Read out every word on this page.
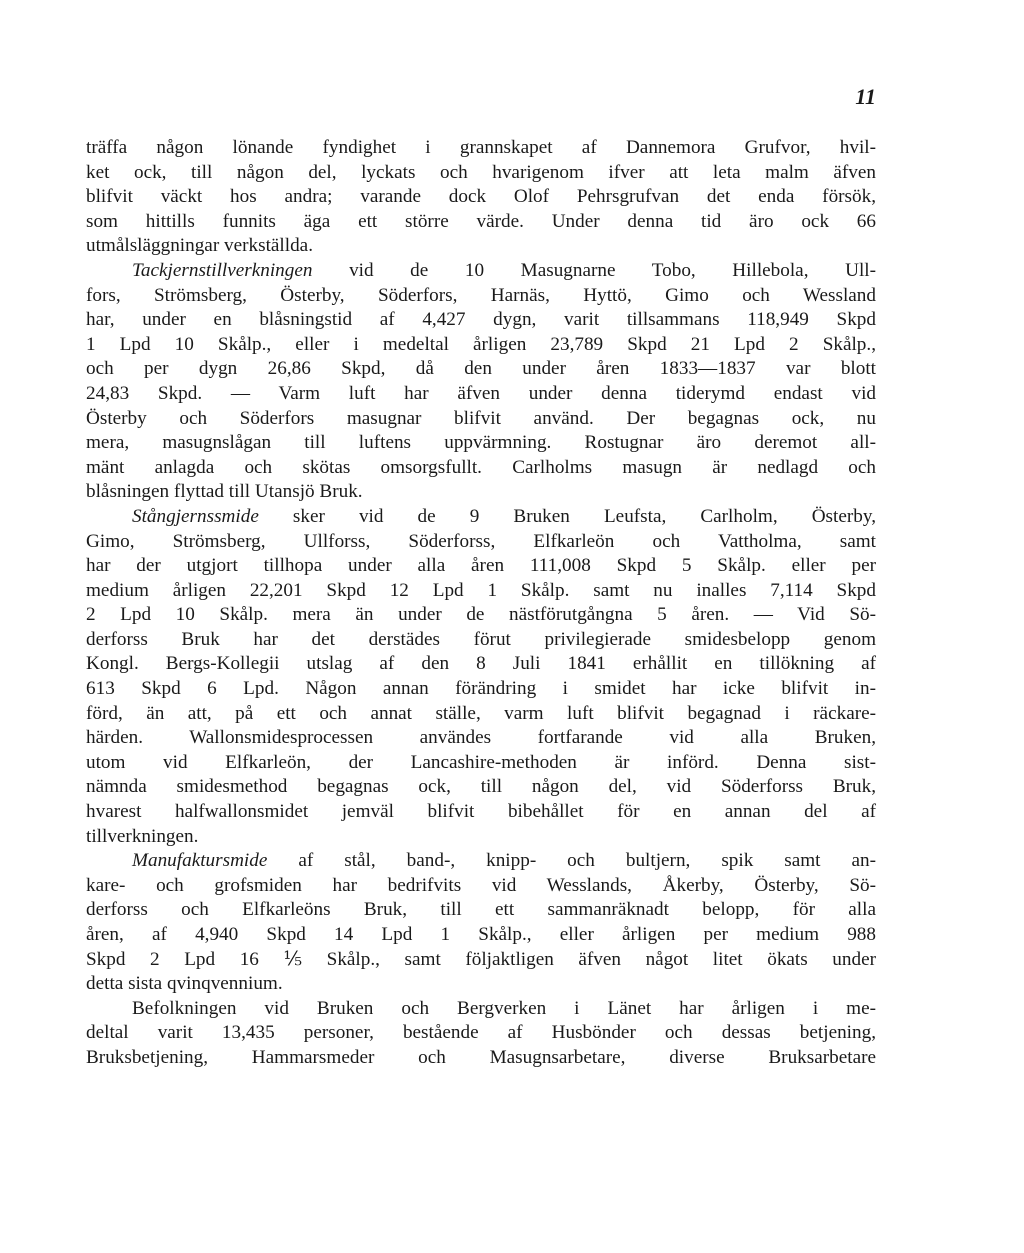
11
träffa någon lönande fyndighet i grannskapet af Dannemora Grufvor, hvil-
ket ock, till någon del, lyckats och hvarigenom ifver att leta malm äfven
blifvit väckt hos andra; varande dock Olof Pehrsgrufvan det enda försök,
som hittills funnits äga ett större värde. Under denna tid äro ock 66
utmålsläggningar verkställda.
Tackjernstillverkningen vid de 10 Masugnarne Tobo, Hillebola, Ull-
fors, Strömsberg, Österby, Söderfors, Harnäs, Hyttö, Gimo och Wessland
har, under en blåsningstid af 4,427 dygn, varit tillsammans 118,949 Skpd
1 Lpd 10 Skålp., eller i medeltal årligen 23,789 Skpd 21 Lpd 2 Skålp.,
och per dygn 26,86 Skpd, då den under åren 1833—1837 var blott
24,83 Skpd. — Varm luft har äfven under denna tiderymd endast vid
Österby och Söderfors masugnar blifvit använd. Der begagnas ock, nu
mera, masugnslågan till luftens uppvärmning. Rostugnar äro deremot all-
mänt anlagda och skötas omsorgsfullt. Carlholms masugn är nedlagd och
blåsningen flyttad till Utansjö Bruk.
Stångjernssmide sker vid de 9 Bruken Leufsta, Carlholm, Österby,
Gimo, Strömsberg, Ullforss, Söderforss, Elfkarleön och Vattholma, samt
har der utgjort tillhopa under alla åren 111,008 Skpd 5 Skålp. eller per
medium årligen 22,201 Skpd 12 Lpd 1 Skålp. samt nu inalles 7,114 Skpd
2 Lpd 10 Skålp. mera än under de nästförutgångna 5 åren. — Vid Sö-
derforss Bruk har det derstädes förut privilegierade smidesbelopp genom
Kongl. Bergs-Kollegii utslag af den 8 Juli 1841 erhållit en tillökning af
613 Skpd 6 Lpd. Någon annan förändring i smidet har icke blifvit in-
förd, än att, på ett och annat ställe, varm luft blifvit begagnad i räckare-
härden. Wallonsmidesprocessen användes fortfarande vid alla Bruken,
utom vid Elfkarleön, der Lancashire-methoden är införd. Denna sist-
nämnda smidesmethod begagnas ock, till någon del, vid Söderforss Bruk,
hvarest halfwallonsmidet jemväl blifvit bibehållet för en annan del af
tillverkningen.
Manufaktursmide af stål, band-, knipp- och bultjern, spik samt an-
kare- och grofsmiden har bedrifvits vid Wesslands, Åkerby, Österby, Sö-
derforss och Elfkarleöns Bruk, till ett sammanräknadt belopp, för alla
åren, af 4,940 Skpd 14 Lpd 1 Skålp., eller årligen per medium 988
Skpd 2 Lpd 16 ⅕ Skålp., samt följaktligen äfven något litet ökats under
detta sista qvinqvennium.
Befolkningen vid Bruken och Bergverken i Länet har årligen i me-
deltal varit 13,435 personer, bestående af Husbönder och dessas betjening,
Bruksbetjening, Hammarsmeder och Masugnsarbetare, diverse Bruksarbetare
